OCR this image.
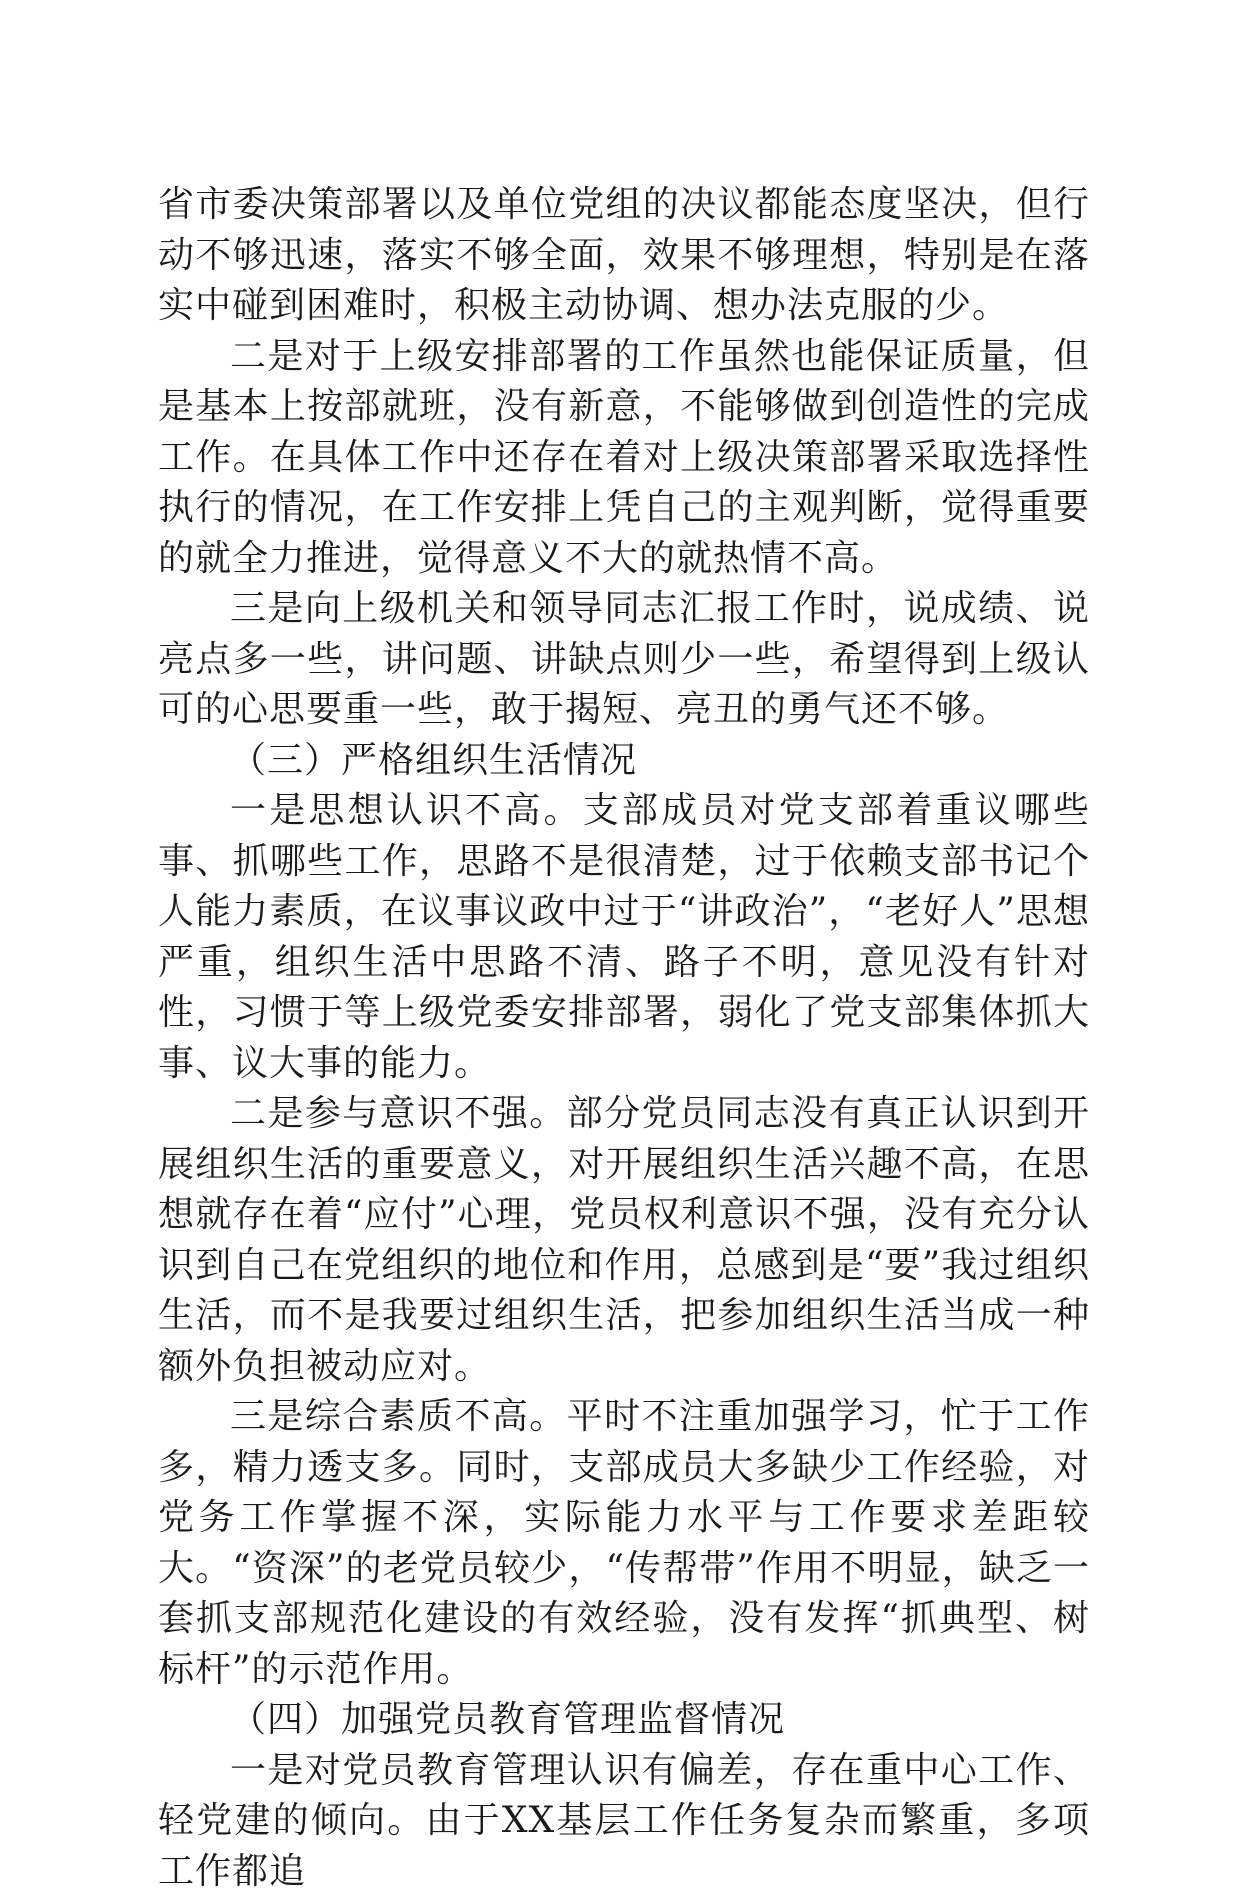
省市委决策部署以及单位党组的决议都能态度坚决，但行动不够迅速，落实不够全面，效果不够理想，特别是在落实中碰到困难时，积极主动协调、想办法克服的少。

二是对于上级安排部署的工作虽然也能保证质量，但是基本上按部就班，没有新意，不能够做到创造性的完成工作。在具体工作中还存在着对上级决策部署采取选择性执行的情况，在工作安排上凭自己的主观判断，觉得重要的就全力推进，觉得意义不大的就热情不高。

三是向上级机关和领导同志汇报工作时，说成绩、说亮点多一些，讲问题、讲缺点则少一些，希望得到上级认可的心思要重一些，敢于揭短、亮丑的勇气还不够。

（三）严格组织生活情况

一是思想认识不高。支部成员对党支部着重议哪些事、抓哪些工作，思路不是很清楚，过于依赖支部书记个人能力素质，在议事议政中过于“讲政治”，“老好人”思想严重，组织生活中思路不清、路子不明，意见没有针对性，习惯于等上级党委安排部署，弱化了党支部集体抓大事、议大事的能力。

二是参与意识不强。部分党员同志没有真正认识到开展组织生活的重要意义，对开展组织生活兴趣不高，在思想就存在着“应付”心理，党员权利意识不强，没有充分认识到自己在党组织的地位和作用，总感到是“要”我过组织生活，而不是我要过组织生活，把参加组织生活当成一种额外负担被动应对。

三是综合素质不高。平时不注重加强学习，忙于工作多，精力透支多。同时，支部成员大多缺少工作经验，对党务工作掌握不深，实际能力水平与工作要求差距较大。“资深”的老党员较少，“传帮带”作用不明显，缺乏一套抓支部规范化建设的有效经验，没有发挥“抓典型、树标杆”的示范作用。

（四）加强党员教育管理监督情况

一是对党员教育管理认识有偏差，存在重中心工作、轻党建的倾向。由于XX基层工作任务复杂而繁重，多项工作都追
